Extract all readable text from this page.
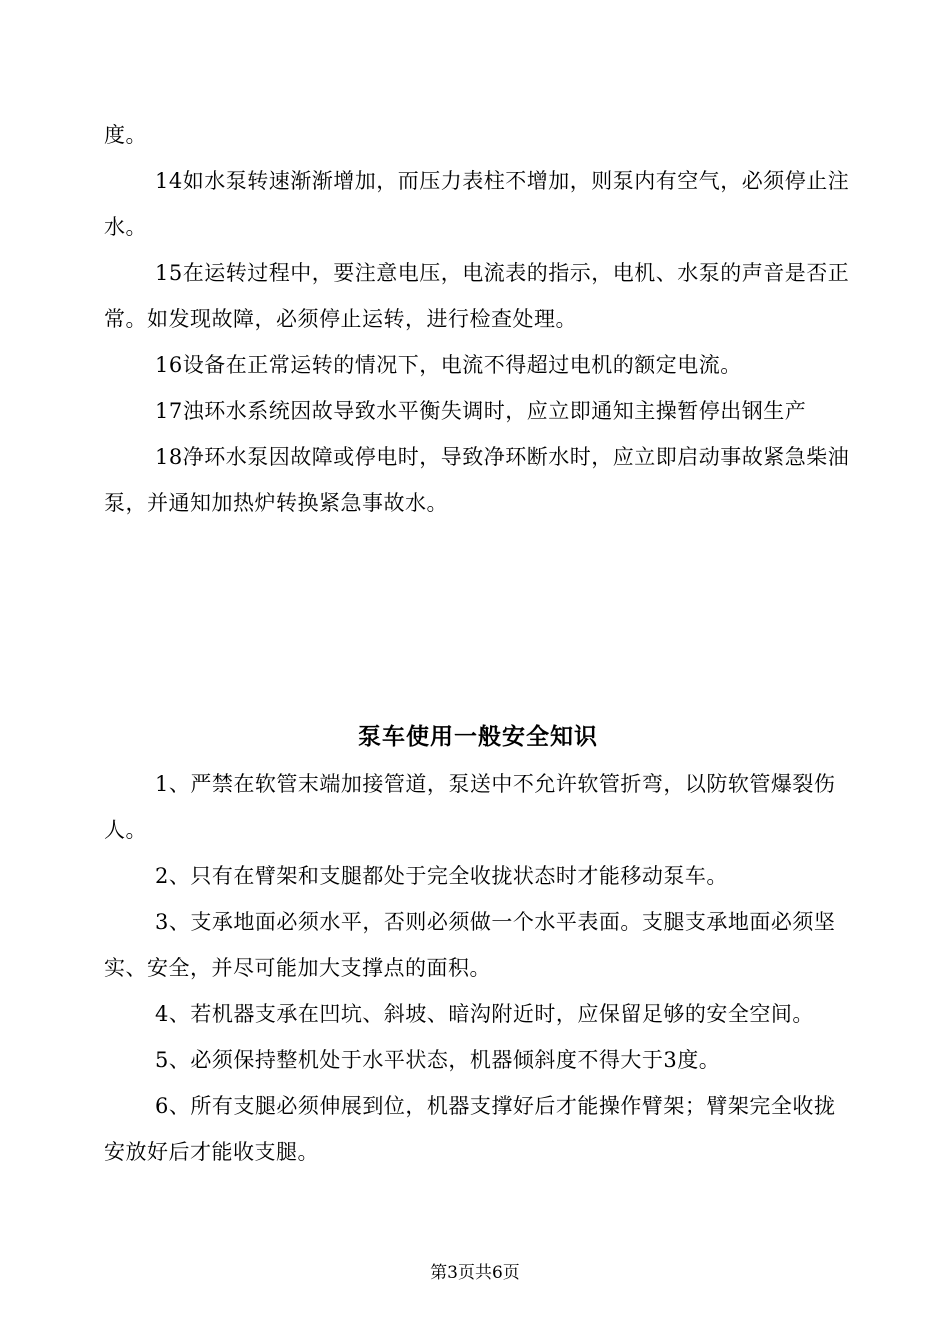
度。

14如水泵转速渐渐增加，而压力表柱不增加，则泵内有空气，必须停止注水。

15在运转过程中，要注意电压，电流表的指示，电机、水泵的声音是否正常。如发现故障，必须停止运转，进行检查处理。

16设备在正常运转的情况下，电流不得超过电机的额定电流。

17浊环水系统因故导致水平衡失调时，应立即通知主操暂停出钢生产

18净环水泵因故障或停电时，导致净环断水时，应立即启动事故紧急柴油泵，并通知加热炉转换紧急事故水。

泵车使用一般安全知识

1、严禁在软管末端加接管道，泵送中不允许软管折弯，以防软管爆裂伤人。

2、只有在臂架和支腿都处于完全收拢状态时才能移动泵车。

3、支承地面必须水平，否则必须做一个水平表面。支腿支承地面必须坚实、安全，并尽可能加大支撑点的面积。

4、若机器支承在凹坑、斜坡、暗沟附近时，应保留足够的安全空间。

5、必须保持整机处于水平状态，机器倾斜度不得大于3度。

6、所有支腿必须伸展到位，机器支撑好后才能操作臂架；臂架完全收拢安放好后才能收支腿。

第3页共6页
